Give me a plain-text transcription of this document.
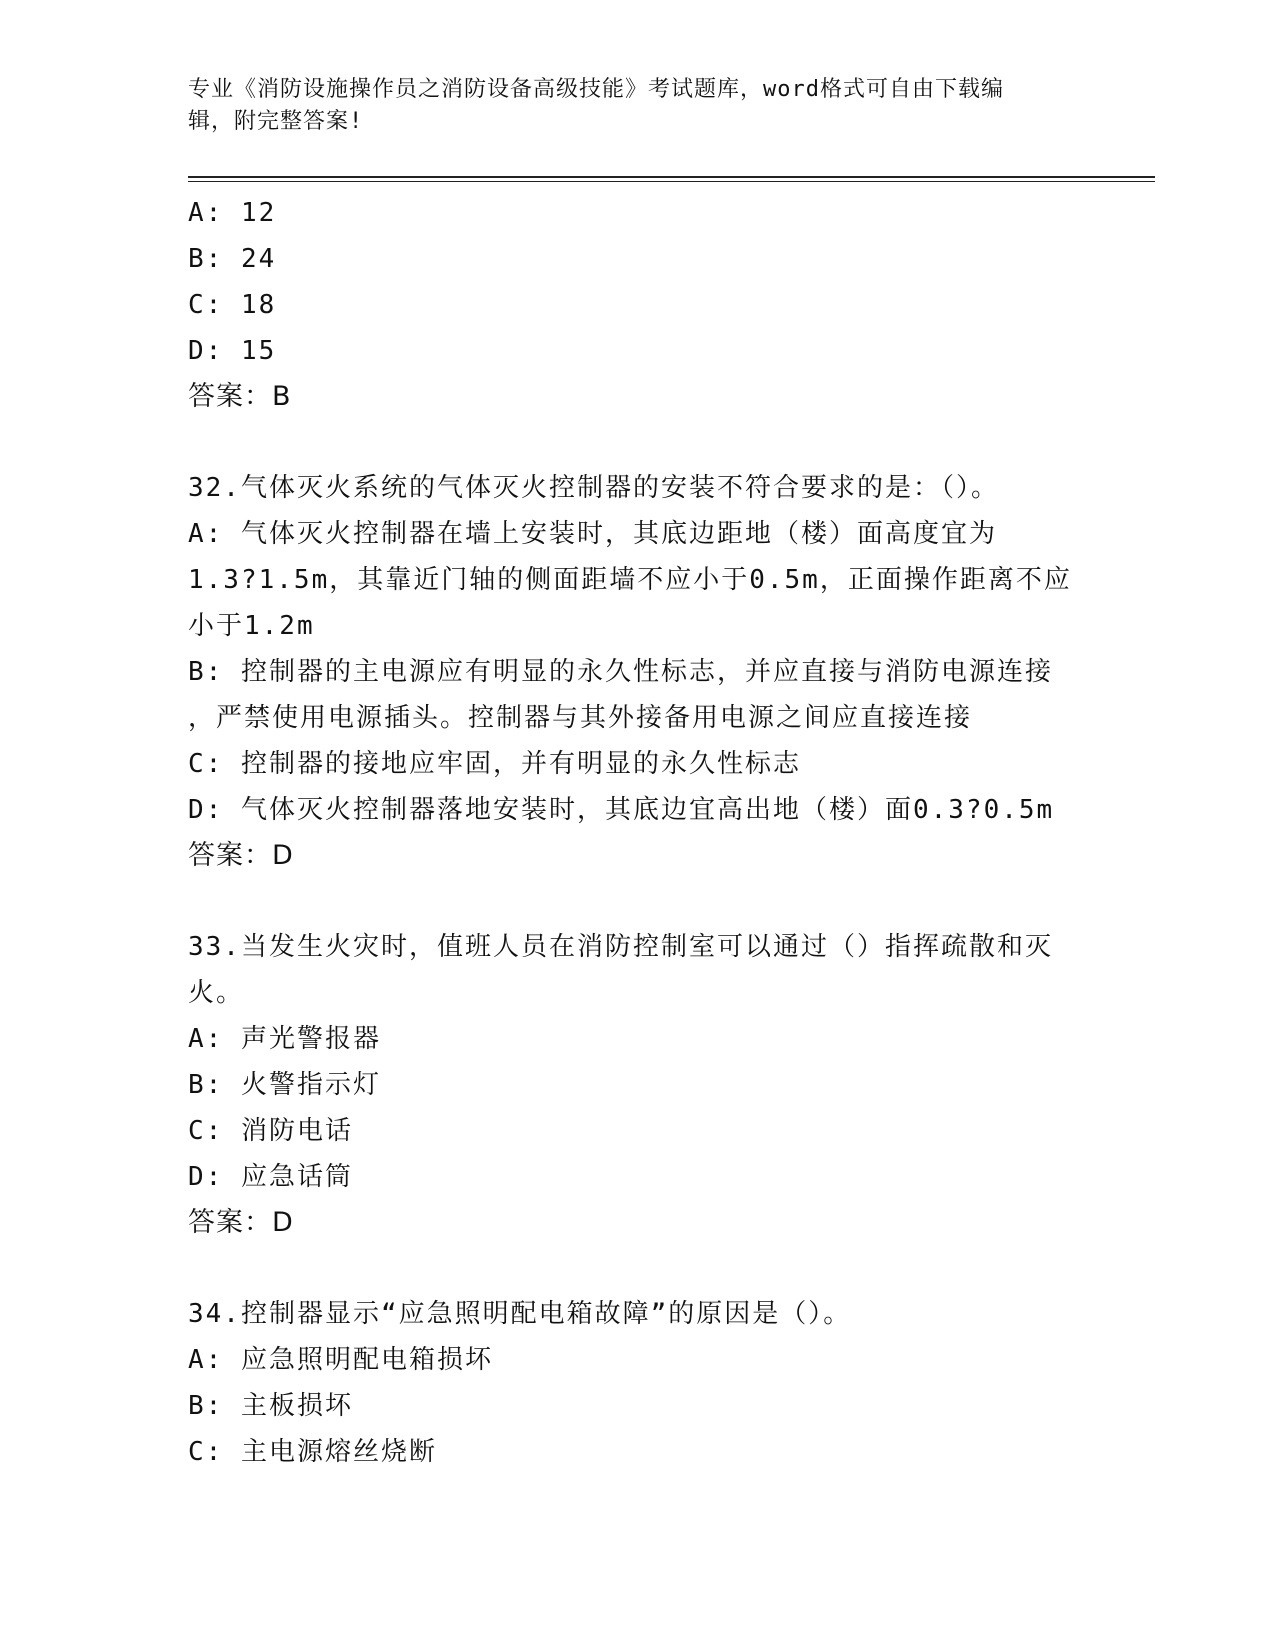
专业《消防设施操作员之消防设备高级技能》考试题库，word格式可自由下载编
辑，附完整答案!
A: 12
B: 24
C: 18
D: 15
答案：B
32.气体灭火系统的气体灭火控制器的安装不符合要求的是：（）。
A: 气体灭火控制器在墙上安装时，其底边距地（楼）面高度宜为
1.3?1.5m，其靠近门轴的侧面距墙不应小于0.5m，正面操作距离不应
小于1.2m
B: 控制器的主电源应有明显的永久性标志，并应直接与消防电源连接
，严禁使用电源插头。控制器与其外接备用电源之间应直接连接
C: 控制器的接地应牢固，并有明显的永久性标志
D: 气体灭火控制器落地安装时，其底边宜高出地（楼）面0.3?0.5m
答案：D
33.当发生火灾时，值班人员在消防控制室可以通过（）指挥疏散和灭
火。
A: 声光警报器
B: 火警指示灯
C: 消防电话
D: 应急话筒
答案：D
34.控制器显示“应急照明配电箱故障”的原因是（）。
A: 应急照明配电箱损坏
B: 主板损坏
C: 主电源熔丝烧断
